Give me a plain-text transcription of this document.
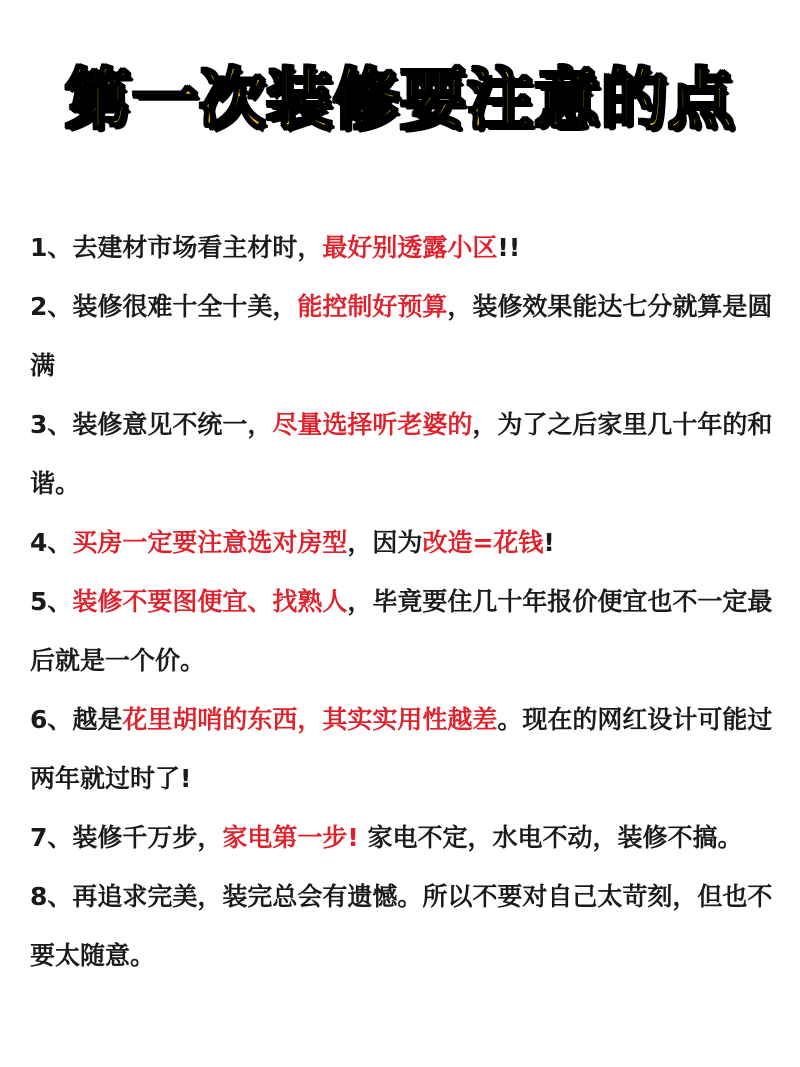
第一次装修要注意的点

1、去建材市场看主材时，最好别透露小区!!

2、装修很难十全十美，能控制好预算，装修效果能达七分就算是圆满

3、装修意见不统一，尽量选择听老婆的，为了之后家里几十年的和谐。

4、买房一定要注意选对房型，因为改造=花钱!

5、装修不要图便宜、找熟人，毕竟要住几十年报价便宜也不一定最后就是一个价。

6、越是花里胡哨的东西，其实实用性越差。现在的网红设计可能过两年就过时了!

7、装修千万步，家电第一步! 家电不定，水电不动，装修不搞。

8、再追求完美，装完总会有遗憾。所以不要对自己太苛刻，但也不要太随意。
